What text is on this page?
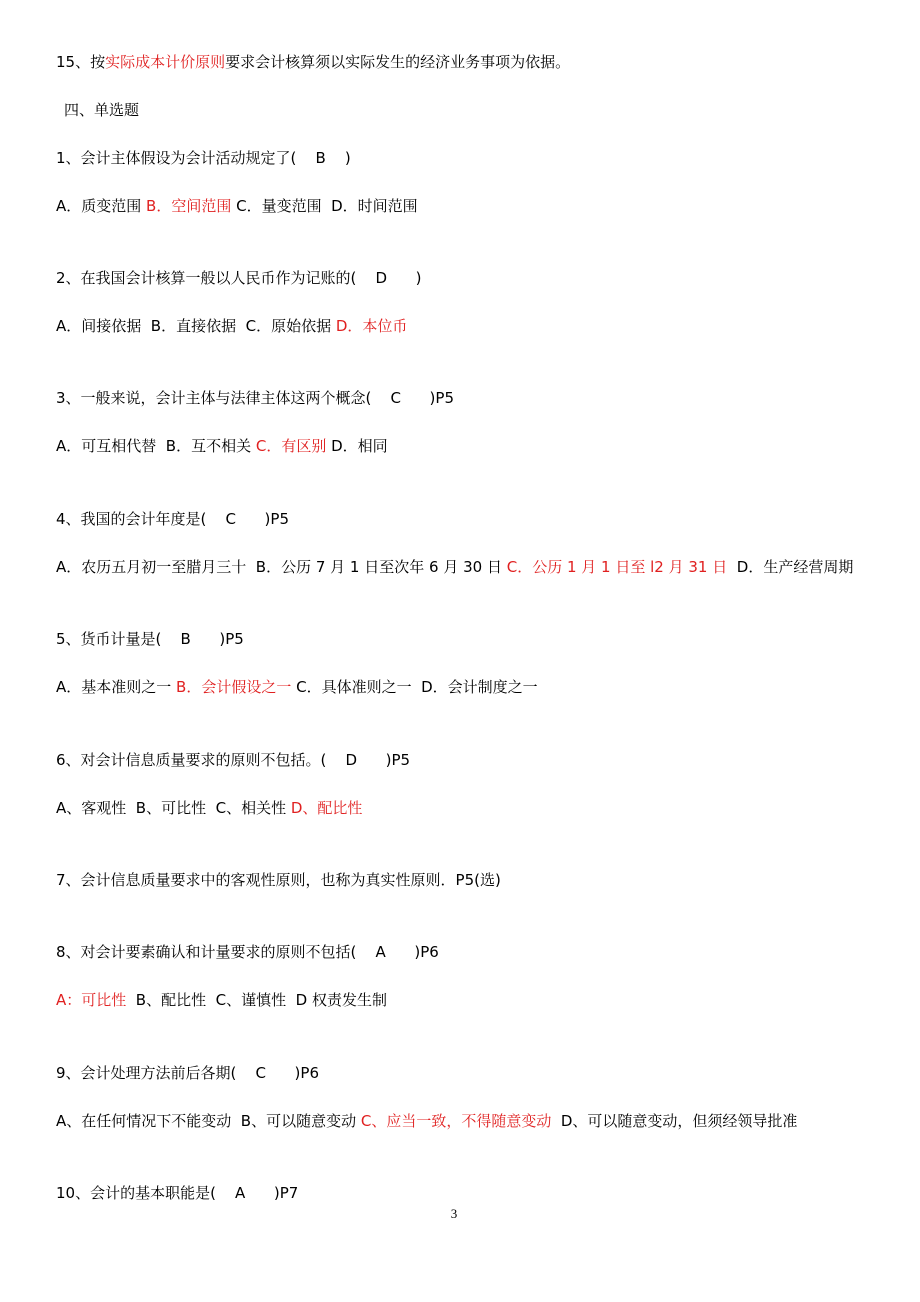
15、按实际成本计价原则要求会计核算须以实际发生的经济业务事项为依据。
四、单选题
1、会计主体假设为会计活动规定了(    B    )
A．质变范围 B．空间范围 C．量变范围  D．时间范围
2、在我国会计核算一般以人民币作为记账的(    D      )
A．间接依据  B．直接依据  C．原始依据 D．本位币
3、一般来说，会计主体与法律主体这两个概念(    C      )P5
A．可互相代替  B．互不相关 C．有区别 D．相同
4、我国的会计年度是(    C      )P5
A．农历五月初一至腊月三十  B．公历 7 月 1 日至次年 6 月 30 日 C．公历 1 月 1 日至 l2 月 31 日  D．生产经营周期
5、货币计量是(    B      )P5
A．基本准则之一 B．会计假设之一 C．具体准则之一  D．会计制度之一
6、对会计信息质量要求的原则不包括。(    D      )P5
A、客观性  B、可比性  C、相关性 D、配比性
7、会计信息质量要求中的客观性原则，也称为真实性原则．P5(选)
8、对会计要素确认和计量要求的原则不包括(    A      )P6
A：可比性  B、配比性  C、谨慎性  D 权责发生制
9、会计处理方法前后各期(    C      )P6
A、在任何情况下不能变动  B、可以随意变动 C、应当一致，不得随意变动  D、可以随意变动，但须经领导批准
10、会计的基本职能是(    A      )P7
3
